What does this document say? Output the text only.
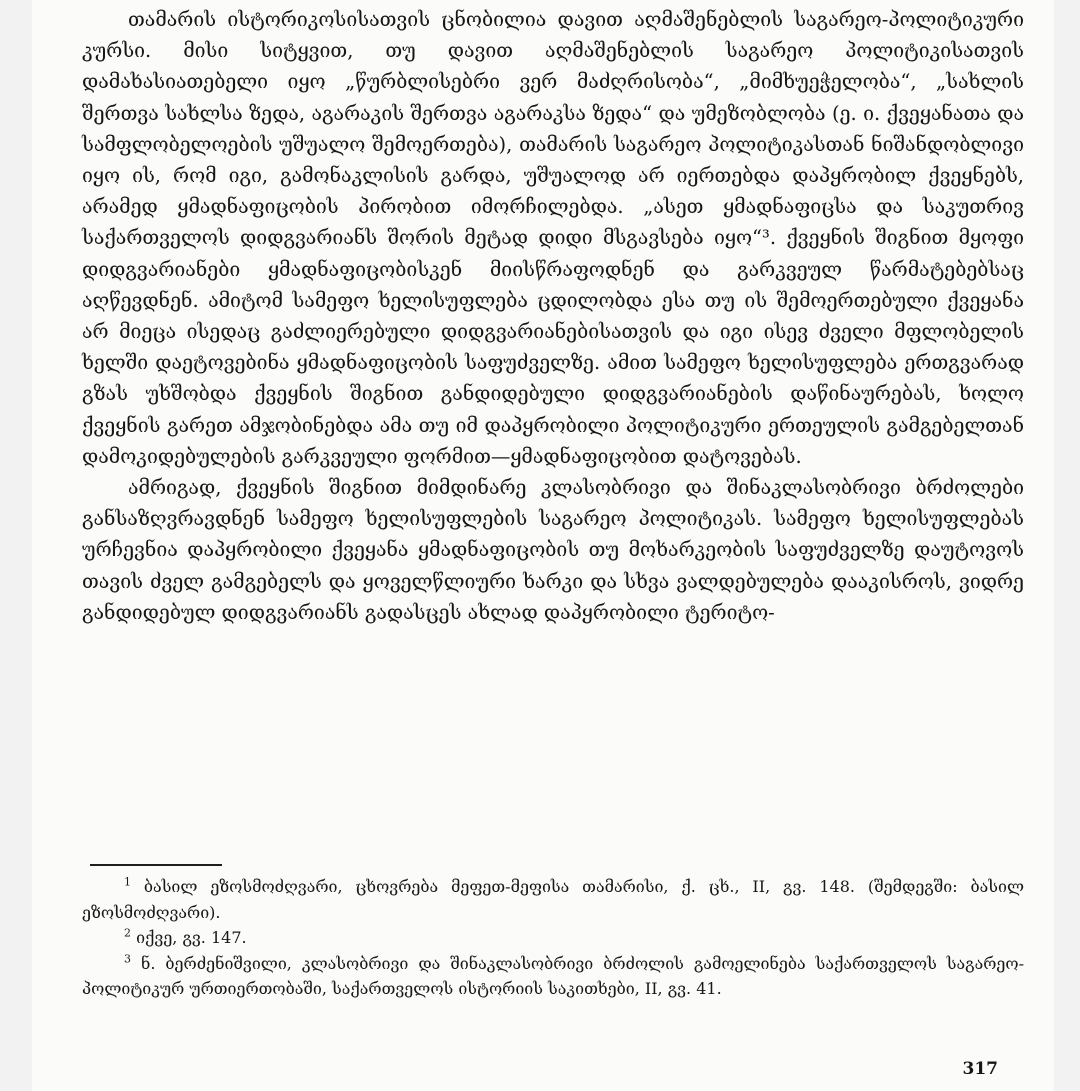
თამარის ისტორიკოსისათვის ცნობილია დავით აღმაშენებლის საგარეო-პოლიტიკური კურსი. მისი სიტყვით, თუ დავით აღმაშენებლის საგარეო პოლიტიკისათვის დამახასიათებელი იყო „წურბლისებრი ვერ მაძღრისობა“, „მიმხუეჭელობა“, „სახლის შერთვა სახლსა ზედა, აგარაკის შერთვა აგარაკსა ზედა“ და უმეზობლობა (ე. ი. ქვეყანათა და სამფლობელოების უშუალო შემოერთება), თამარის საგარეო პოლიტიკასთან ნიშანდობლივი იყო ის, რომ იგი, გამონაკლისის გარდა, უშუალოდ არ იერთებდა დაპყრობილ ქვეყნებს, არამედ ყმადნაფიცობის პირობით იმორჩილებდა. „ასეთ ყმადნაფიცსა და საკუთრივ საქართველოს დიდგვარიანს შორის მეტად დიდი მსგავსება იყო“³. ქვეყნის შიგნით მყოფი დიდგვარიანები ყმადნაფიცობისკენ მიისწრაფოდნენ და გარკვეულ წარმატებებსაც აღწევდნენ. ამიტომ სამეფო ხელისუფლება ცდილობდა ესა თუ ის შემოერთებული ქვეყანა არ მიეცა ისედაც გაძლიერებული დიდგვარიანებისათვის და იგი ისევ ძველი მფლობელის ხელში დაეტოვებინა ყმადნაფიცობის საფუძველზე. ამით სამეფო ხელისუფლება ერთგვარად გზას უხშობდა ქვეყნის შიგნით განდიდებული დიდგვარიანების დაწინაურებას, ხოლო ქვეყნის გარეთ ამჯობინებდა ამა თუ იმ დაპყრობილი პოლიტიკური ერთეულის გამგებელთან დამოკიდებულების გარკვეული ფორმით—ყმადნაფიცობით დატოვებას.

ამრიგად, ქვეყნის შიგნით მიმდინარე კლასობრივი და შინაკლასობრივი ბრძოლები განსაზღვრავდნენ სამეფო ხელისუფლების საგარეო პოლიტიკას. სამეფო ხელისუფლებას ურჩევნია დაპყრობილი ქვეყანა ყმადნაფიცობის თუ მოხარკეობის საფუძველზე დაუტოვოს თავის ძველ გამგებელს და ყოველწლიური ხარკი და სხვა ვალდებულება დააკისროს, ვიდრე განდიდებულ დიდგვარიანს გადასცეს ახლად დაპყრობილი ტერიტო-

$^1$ ბასილ ეზოსმოძღვარი, ცხოვრება მეფეთ-მეფისა თამარისი, ქ. ცხ., II, გვ. 148. (შემდეგში: ბასილ ეზოსმოძღვარი).

$^2$ იქვე, გვ. 147.

$^3$ ნ. ბერძენიშვილი, კლასობრივი და შინაკლასობრივი ბრძოლის გამოელინება საქართველოს საგარეო-პოლიტიკურ ურთიერთობაში, საქართველოს ისტორიის საკითხები, II, გვ. 41.

317
